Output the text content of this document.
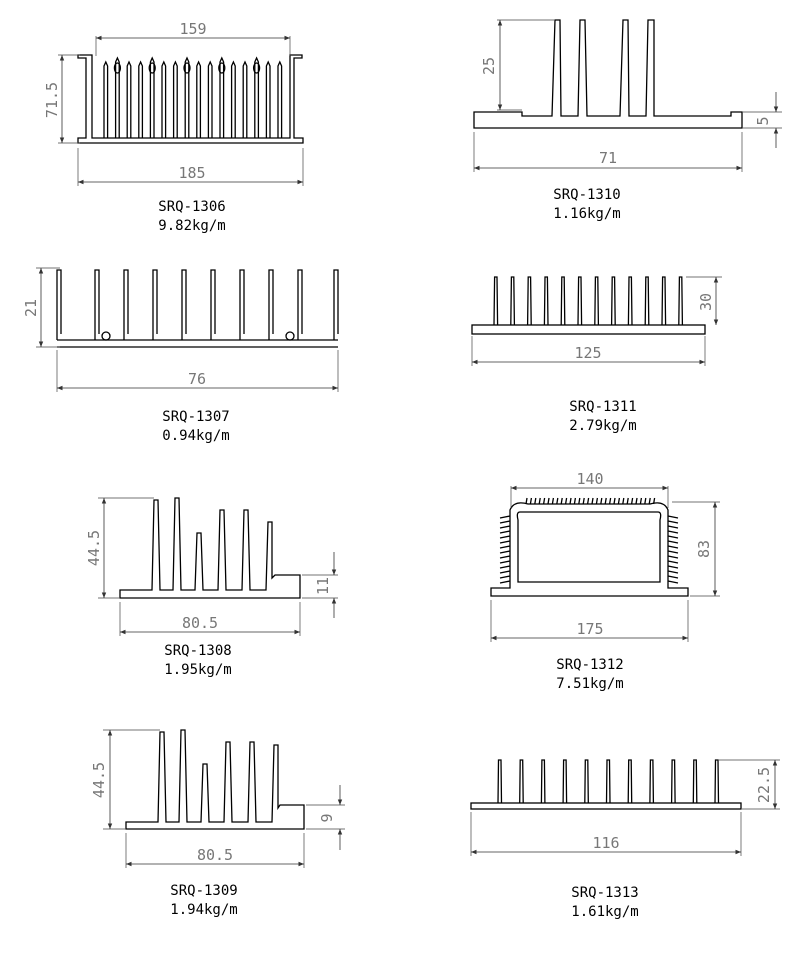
159
185
71.5
25
71
5
21
76
30
125
44.5
80.5
11
140
175
83
44.5
80.5
9
22.5
116
SRQ-1306
9.82kg/m
SRQ-1310
1.16kg/m
SRQ-1307
0.94kg/m
SRQ-1311
2.79kg/m
SRQ-1308
1.95kg/m	SRQ-1312
7.51kg/m
SRQ-1309
1.94kg/m
SRQ-1313
1.61kg/m
